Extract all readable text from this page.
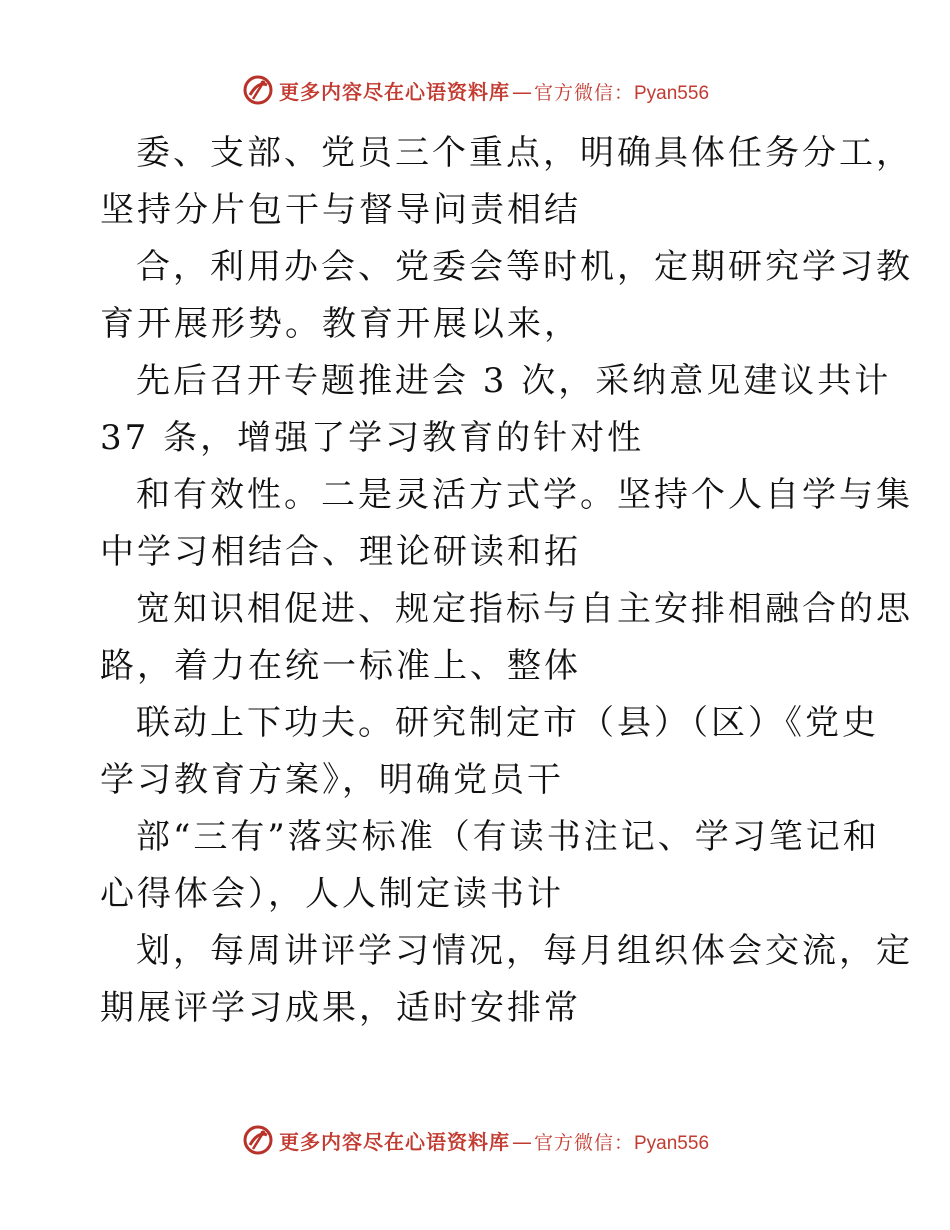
更多内容尽在心语资料库 — 官方微信： Pyan556
委、支部、党员三个重点，明确具体任务分工，
坚持分片包干与督导问责相结
合，利用办会、党委会等时机，定期研究学习教
育开展形势。教育开展以来，
先后召开专题推进会 3 次，采纳意见建议共计
37 条，增强了学习教育的针对性
和有效性。二是灵活方式学。坚持个人自学与集
中学习相结合、理论研读和拓
宽知识相促进、规定指标与自主安排相融合的思
路，着力在统一标准上、整体
联动上下功夫。研究制定市（县）（区）《党史
学习教育方案》，明确党员干
部“三有”落实标准（有读书注记、学习笔记和
心得体会），人人制定读书计
划，每周讲评学习情况，每月组织体会交流，定
期展评学习成果，适时安排常
更多内容尽在心语资料库 — 官方微信： Pyan556
